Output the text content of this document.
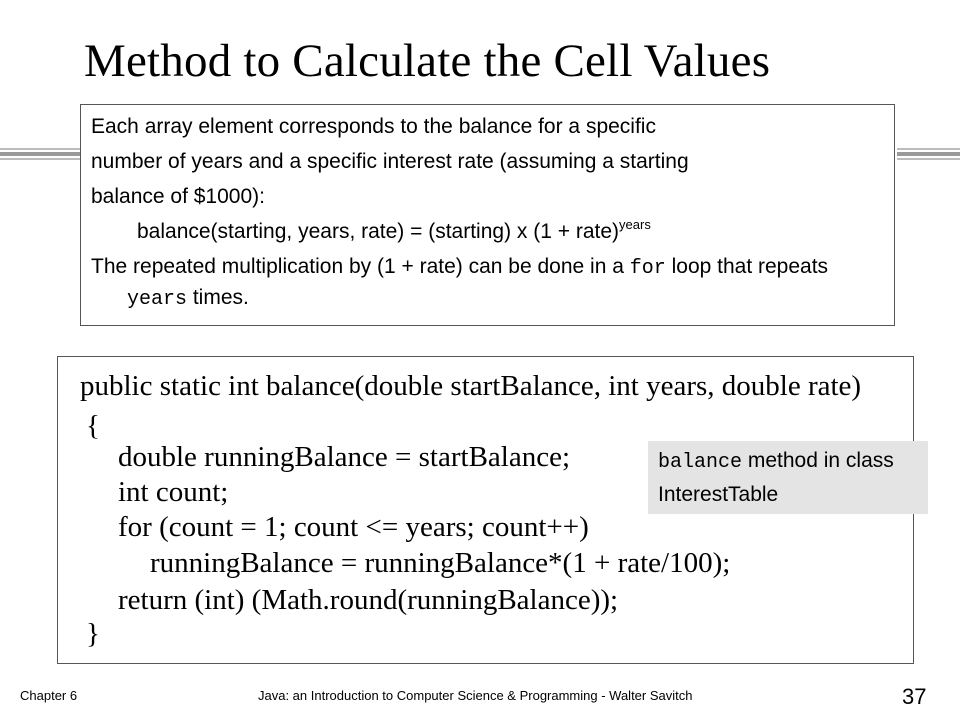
Method to Calculate the Cell Values

Each array element corresponds to the balance for a specific

number of years and a specific interest rate (assuming a starting

balance of $1000):

balance(starting, years, rate) = (starting) x (1 + rate)$^{years}$

The repeated multiplication by (1 + rate) can be done in a for loop that repeats years times.

public static int balance(double startBalance, int years, double rate)
{
double runningBalance = startBalance;
int count;
for (count = 1; count <= years; count++)
runningBalance = runningBalance*(1 + rate/100);
return (int) (Math.round(runningBalance));
}
balance method in class InterestTable
Chapter 6	Java: an Introduction to Computer Science & Programming - Walter Savitch	37
